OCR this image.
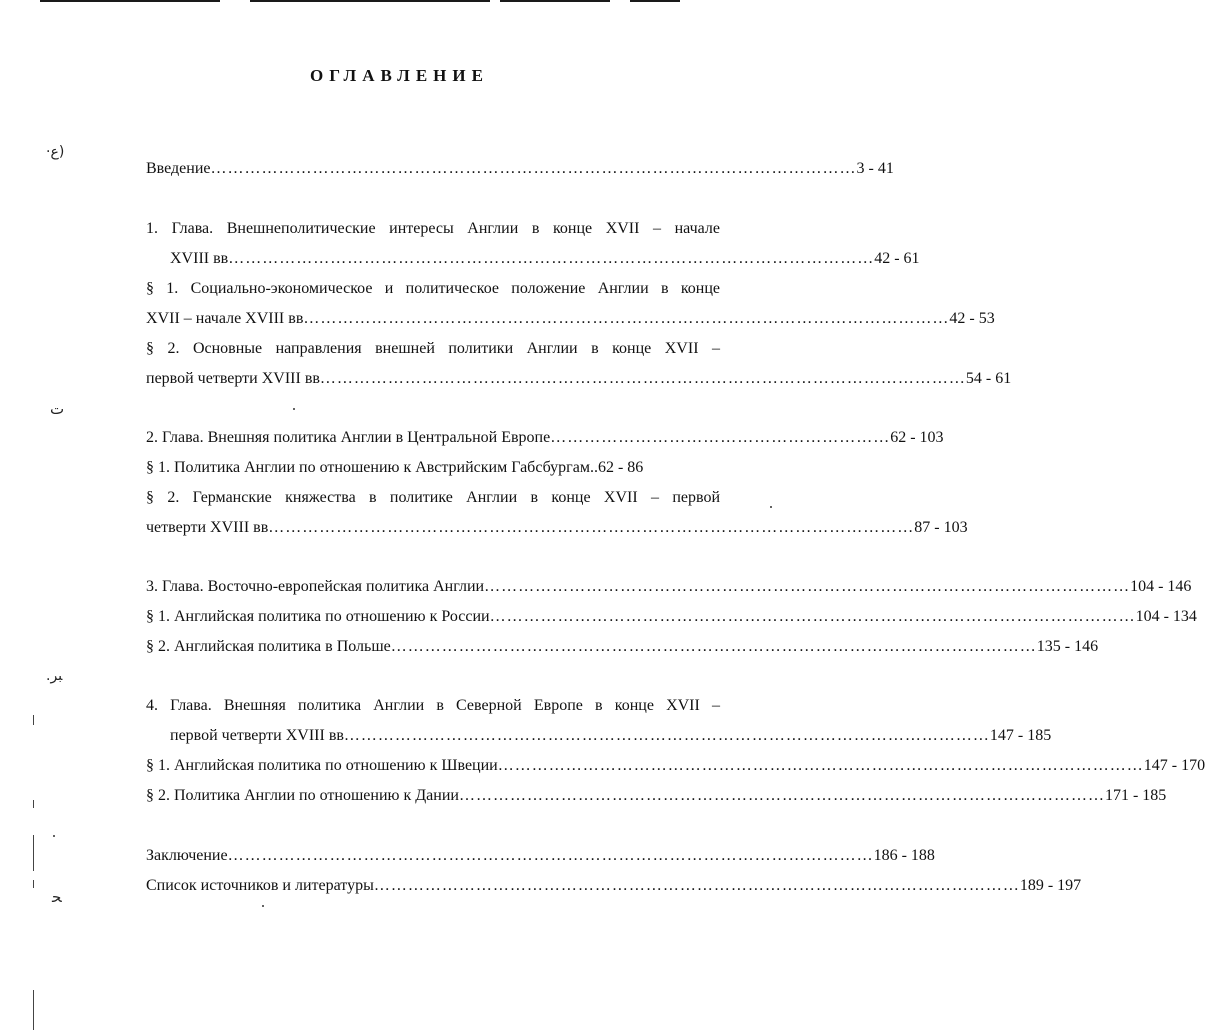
·ﻉ)
ﺕ
.ﺒﺮ
ﺤ
ОГЛАВЛЕНИЕ
Введение …………………………………………………………………………………………………… 3 - 41
1. Глава. Внешнеполитические интересы Англии в конце XVII – начале
XVIII вв …………………………………………………………………………………………………… 42 - 61
§ 1. Социально-экономическое и политическое положение Англии в конце
XVII – начале XVIII вв …………………………………………………………………………………………………… 42 - 53
§ 2. Основные направления внешней политики Англии в конце XVII –
первой четверти XVIII вв …………………………………………………………………………………………………… 54 - 61
2. Глава. Внешняя политика Англии в Центральной Европе …………………………………………………… 62 - 103
§ 1. Политика Англии по отношению к Австрийским Габсбургам..62 - 86
§ 2. Германские княжества в политике Англии в конце XVII – первой
четверти XVIII вв …………………………………………………………………………………………………… 87 - 103
3. Глава. Восточно-европейская политика Англии …………………………………………………………………………………………………… 104 - 146
§ 1. Английская политика по отношению к России …………………………………………………………………………………………………… 104 - 134
§ 2. Английская политика в Польше …………………………………………………………………………………………………… 135 - 146
4. Глава. Внешняя политика Англии в Северной Европе в конце XVII –
первой четверти XVIII вв …………………………………………………………………………………………………… 147 - 185
§ 1. Английская политика по отношению к Швеции …………………………………………………………………………………………………… 147 - 170
§ 2. Политика Англии по отношению к Дании …………………………………………………………………………………………………… 171 - 185
Заключение …………………………………………………………………………………………………… 186 - 188
Список источников и литературы …………………………………………………………………………………………………… 189 - 197
